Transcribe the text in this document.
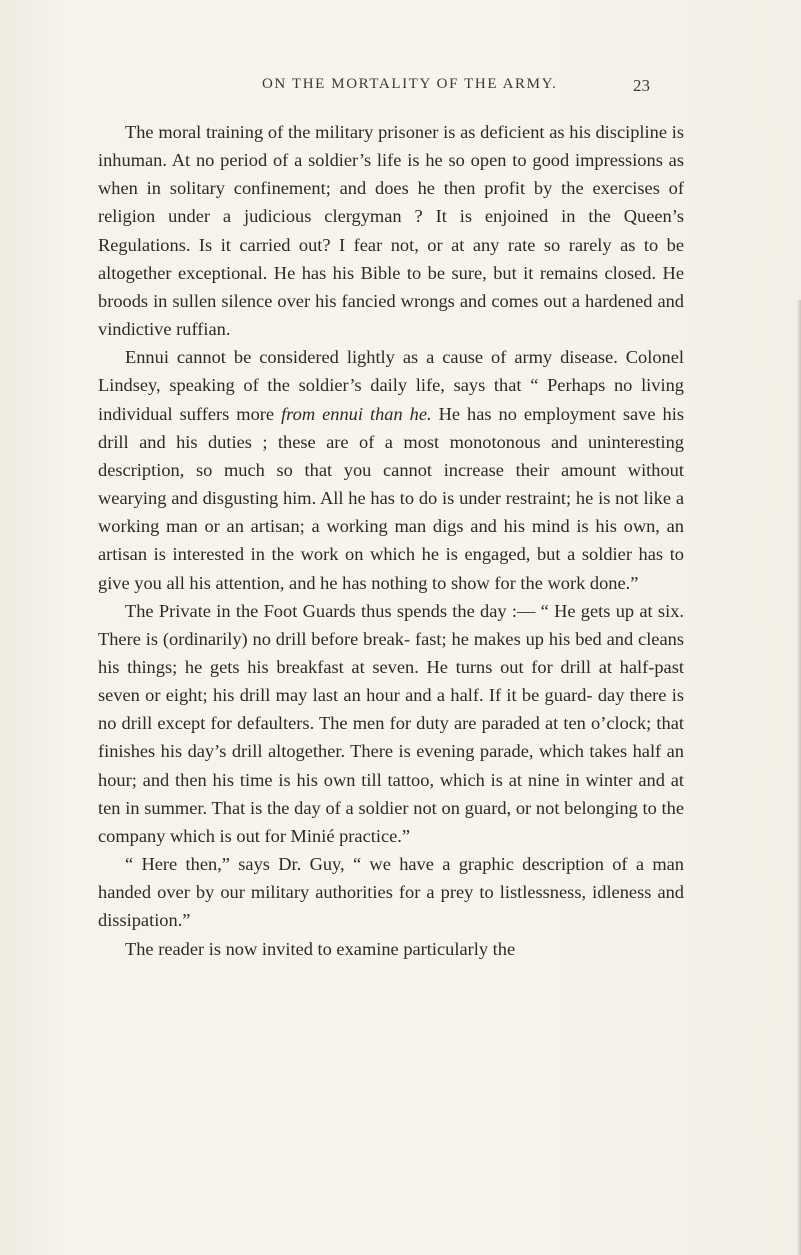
ON THE MORTALITY OF THE ARMY.	23

The moral training of the military prisoner is as deficient as his discipline is inhuman. At no period of a soldier’s life is he so open to good impressions as when in solitary confinement; and does he then profit by the exercises of religion under a judicious clergyman ? It is enjoined in the Queen’s Regulations. Is it carried out? I fear not, or at any rate so rarely as to be altogether exceptional. He has his Bible to be sure, but it remains closed. He broods in sullen silence over his fancied wrongs and comes out a hardened and vindictive ruffian.

Ennui cannot be considered lightly as a cause of army disease. Colonel Lindsey, speaking of the soldier’s daily life, says that “ Perhaps no living individual suffers more from ennui than he. He has no employment save his drill and his duties ; these are of a most monotonous and uninteresting description, so much so that you cannot increase their amount without wearying and disgusting him. All he has to do is under restraint; he is not like a working man or an artisan; a working man digs and his mind is his own, an artisan is interested in the work on which he is engaged, but a soldier has to give you all his attention, and he has nothing to show for the work done.”

The Private in the Foot Guards thus spends the day :— “ He gets up at six. There is (ordinarily) no drill before break- fast; he makes up his bed and cleans his things; he gets his breakfast at seven. He turns out for drill at half-past seven or eight; his drill may last an hour and a half. If it be guard- day there is no drill except for defaulters. The men for duty are paraded at ten o’clock; that finishes his day’s drill altogether. There is evening parade, which takes half an hour; and then his time is his own till tattoo, which is at nine in winter and at ten in summer. That is the day of a soldier not on guard, or not belonging to the company which is out for Minié practice.”

“ Here then,” says Dr. Guy, “ we have a graphic description of a man handed over by our military authorities for a prey to listlessness, idleness and dissipation.”

The reader is now invited to examine particularly the
